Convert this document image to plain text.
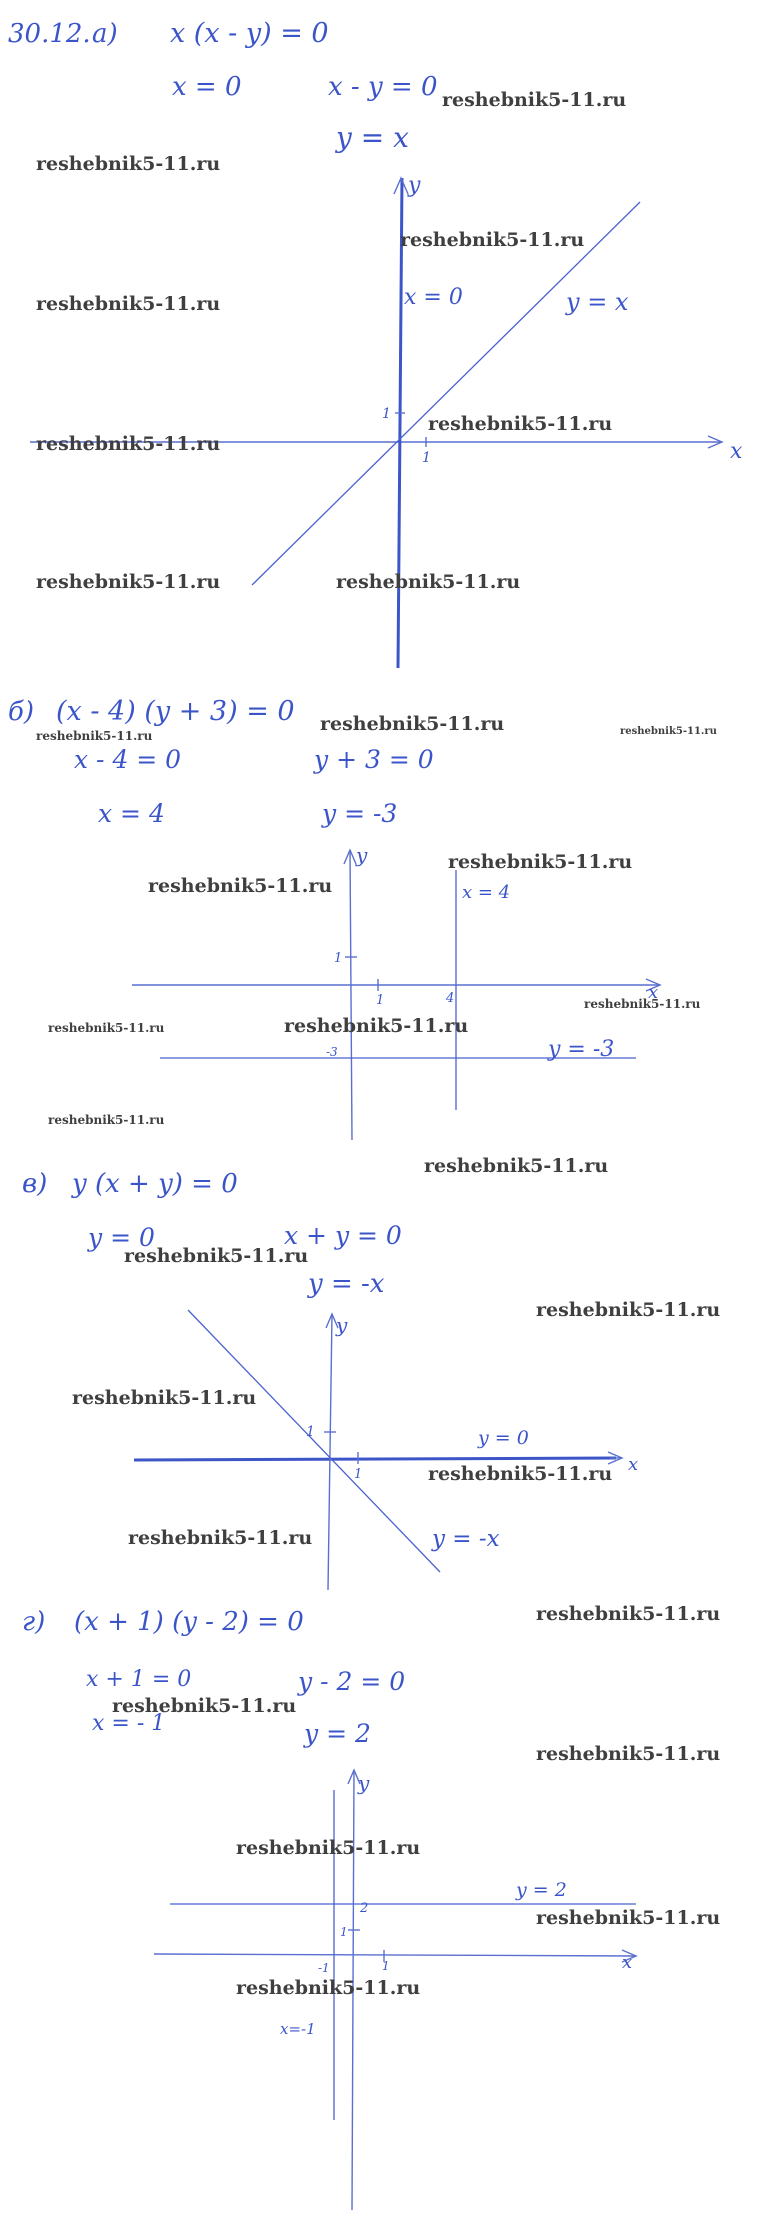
30.12. а) x (x - y) = 0
x = 0	x - y = 0
y = x
x
y
1
1
x = 0	y = x
б) (x - 4) (y + 3) = 0
x - 4 = 0	y + 3 = 0
x = 4	y = -3
x
y
1	4
1
-3
x = 4
y = -3
в) y (x + y) = 0
y = 0	x + y = 0
y = -x
x
y
1
1	y = 0
y = -x
г) (x + 1) (y - 2) = 0
x + 1 = 0	y - 2 = 0
x = - 1	y = 2
x
y
1
-1
1
2
y = 2
x=-1
reshebnik5-11.ru
reshebnik5-11.ru
reshebnik5-11.ru
reshebnik5-11.ru
reshebnik5-11.ru
reshebnik5-11.ru
reshebnik5-11.ru	reshebnik5-11.ru
reshebnik5-11.ru
reshebnik5-11.ru	reshebnik5-11.ru
reshebnik5-11.ru
reshebnik5-11.ru
reshebnik5-11.ru
reshebnik5-11.ru	reshebnik5-11.ru
reshebnik5-11.ru
reshebnik5-11.ru
reshebnik5-11.ru
reshebnik5-11.ru
reshebnik5-11.ru
reshebnik5-11.ru
reshebnik5-11.ru
reshebnik5-11.ru
reshebnik5-11.ru
reshebnik5-11.ru
reshebnik5-11.ru
reshebnik5-11.ru
reshebnik5-11.ru
